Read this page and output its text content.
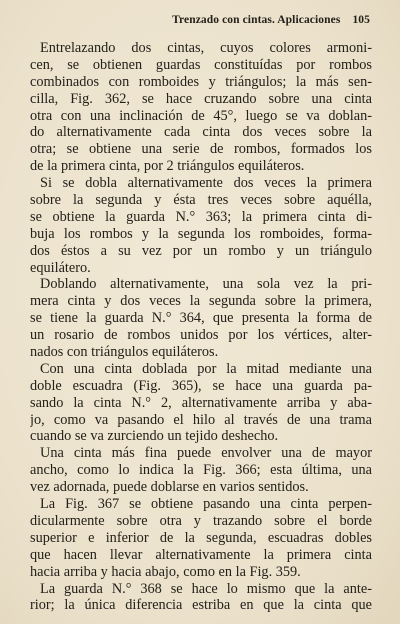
Trenzado con cintas. Aplicaciones 105
Entrelazando dos cintas, cuyos colores armoni-
cen, se obtienen guardas constituídas por rombos
combinados con romboides y triángulos; la más sen-
cilla, Fig. 362, se hace cruzando sobre una cinta
otra con una inclinación de 45°, luego se va doblan-
do alternativamente cada cinta dos veces sobre la
otra; se obtiene una serie de rombos, formados los
de la primera cinta, por 2 triángulos equiláteros.
Si se dobla alternativamente dos veces la primera
sobre la segunda y ésta tres veces sobre aquélla,
se obtiene la guarda N.° 363; la primera cinta di-
buja los rombos y la segunda los romboides, forma-
dos éstos a su vez por un rombo y un triángulo
equilátero.
Doblando alternativamente, una sola vez la pri-
mera cinta y dos veces la segunda sobre la primera,
se tiene la guarda N.° 364, que presenta la forma de
un rosario de rombos unidos por los vértices, alter-
nados con triángulos equiláteros.
Con una cinta doblada por la mitad mediante una
doble escuadra (Fig. 365), se hace una guarda pa-
sando la cinta N.° 2, alternativamente arriba y aba-
jo, como va pasando el hilo al través de una trama
cuando se va zurciendo un tejido deshecho.
Una cinta más fina puede envolver una de mayor
ancho, como lo indica la Fig. 366; esta última, una
vez adornada, puede doblarse en varios sentidos.
La Fig. 367 se obtiene pasando una cinta perpen-
dicularmente sobre otra y trazando sobre el borde
superior e inferior de la segunda, escuadras dobles
que hacen llevar alternativamente la primera cinta
hacia arriba y hacia abajo, como en la Fig. 359.
La guarda N.° 368 se hace lo mismo que la ante-
rior; la única diferencia estriba en que la cinta que
